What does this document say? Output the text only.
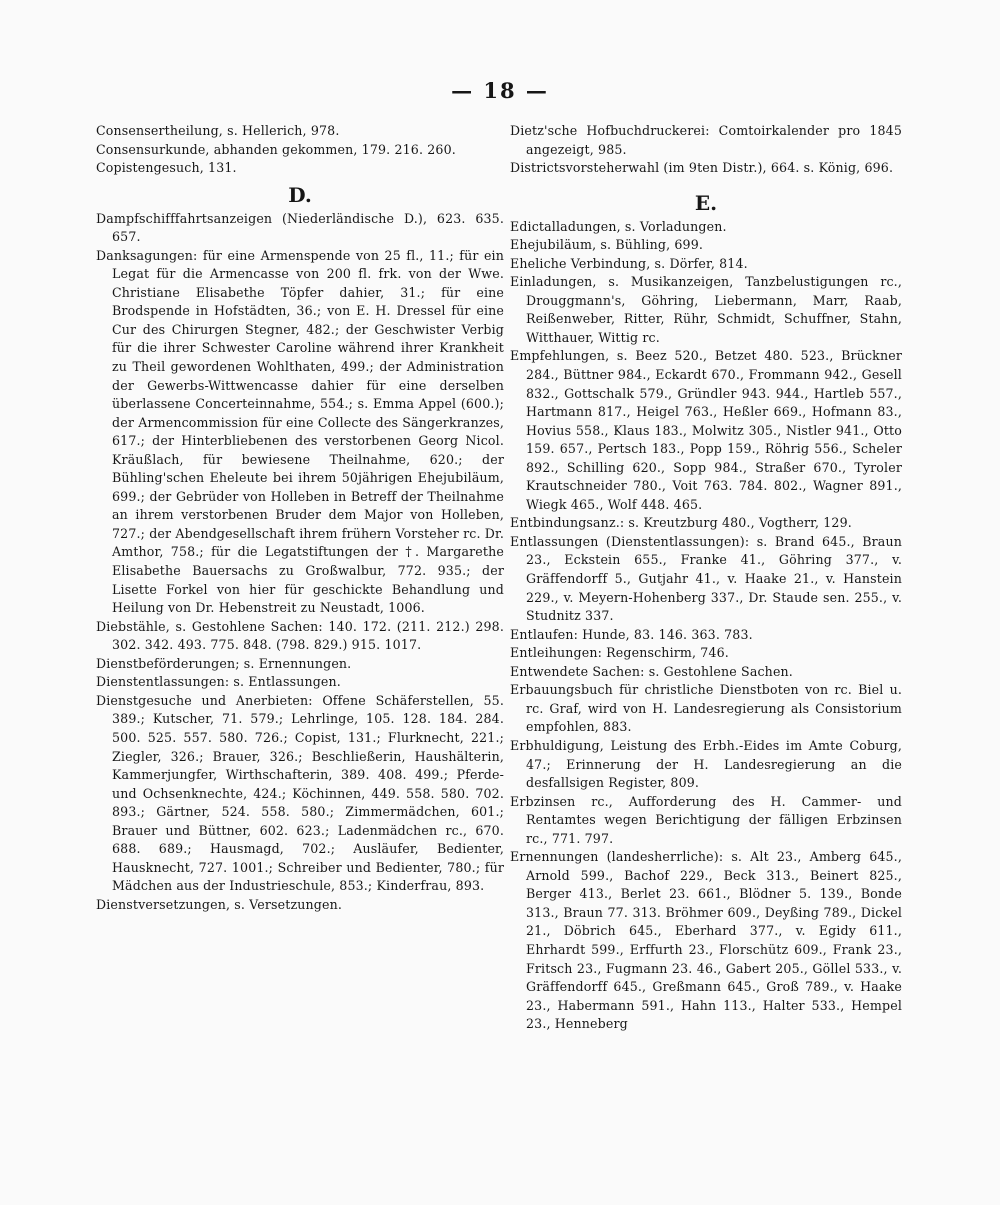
— 18 —
Consensertheilung, s. Hellerich, 978.
Consensurkunde, abhanden gekommen, 179. 216. 260.
Copistengesuch, 131.
D.
Dampfschifffahrtsanzeigen (Niederländische D.), 623. 635. 657.
Danksagungen: für eine Armenspende von 25 fl., 11.; für ein Legat für die Armencasse von 200 fl. frk. von der Wwe. Christiane Elisabethe Töpfer dahier, 31.; für eine Brodspende in Hofstädten, 36.; von E. H. Dressel für eine Cur des Chirurgen Stegner, 482.; der Geschwister Verbig für die ihrer Schwester Caroline während ihrer Krankheit zu Theil gewordenen Wohlthaten, 499.; der Administration der Gewerbs-Wittwencasse dahier für eine derselben überlassene Concerteinnahme, 554.; s. Emma Appel (600.); der Armencommission für eine Collecte des Sängerkranzes, 617.; der Hinterbliebenen des verstorbenen Georg Nicol. Kräußlach, für bewiesene Theilnahme, 620.; der Bühling'schen Eheleute bei ihrem 50jährigen Ehejubiläum, 699.; der Gebrüder von Holleben in Betreff der Theilnahme an ihrem verstorbenen Bruder dem Major von Holleben, 727.; der Abendgesellschaft ihrem frühern Vorsteher rc. Dr. Amthor, 758.; für die Legatstiftungen der †. Margarethe Elisabethe Bauersachs zu Großwalbur, 772. 935.; der Lisette Forkel von hier für geschickte Behandlung und Heilung von Dr. Hebenstreit zu Neustadt, 1006.
Diebstähle, s. Gestohlene Sachen: 140. 172. (211. 212.) 298. 302. 342. 493. 775. 848. (798. 829.) 915. 1017.
Dienstbeförderungen; s. Ernennungen.
Dienstentlassungen: s. Entlassungen.
Dienstgesuche und Anerbieten: Offene Schäferstellen, 55. 389.; Kutscher, 71. 579.; Lehrlinge, 105. 128. 184. 284. 500. 525. 557. 580. 726.; Copist, 131.; Flurknecht, 221.; Ziegler, 326.; Brauer, 326.; Beschließerin, Haushälterin, Kammerjungfer, Wirthschafterin, 389. 408. 499.; Pferde- und Ochsenknechte, 424.; Köchinnen, 449. 558. 580. 702. 893.; Gärtner, 524. 558. 580.; Zimmermädchen, 601.; Brauer und Büttner, 602. 623.; Ladenmädchen rc., 670. 688. 689.; Hausmagd, 702.; Ausläufer, Bedienter, Hausknecht, 727. 1001.; Schreiber und Bedienter, 780.; für Mädchen aus der Industrieschule, 853.; Kinderfrau, 893.
Dienstversetzungen, s. Versetzungen.
Dietz'sche Hofbuchdruckerei: Comtoirkalender pro 1845 angezeigt, 985.
Districtsvorsteherwahl (im 9ten Distr.), 664. s. König, 696.
E.
Edictalladungen, s. Vorladungen.
Ehejubiläum, s. Bühling, 699.
Eheliche Verbindung, s. Dörfer, 814.
Einladungen, s. Musikanzeigen, Tanzbelustigungen rc., Drouggmann's, Göhring, Liebermann, Marr, Raab, Reißenweber, Ritter, Rühr, Schmidt, Schuffner, Stahn, Witthauer, Wittig rc.
Empfehlungen, s. Beez 520., Betzet 480. 523., Brückner 284., Büttner 984., Eckardt 670., Frommann 942., Gesell 832., Gottschalk 579., Gründler 943. 944., Hartleb 557., Hartmann 817., Heigel 763., Heßler 669., Hofmann 83., Hovius 558., Klaus 183., Molwitz 305., Nistler 941., Otto 159. 657., Pertsch 183., Popp 159., Röhrig 556., Scheler 892., Schilling 620., Sopp 984., Straßer 670., Tyroler Krautschneider 780., Voit 763. 784. 802., Wagner 891., Wiegk 465., Wolf 448. 465.
Entbindungsanz.: s. Kreutzburg 480., Vogtherr, 129.
Entlassungen (Dienstentlassungen): s. Brand 645., Braun 23., Eckstein 655., Franke 41., Göhring 377., v. Gräffendorff 5., Gutjahr 41., v. Haake 21., v. Hanstein 229., v. Meyern-Hohenberg 337., Dr. Staude sen. 255., v. Studnitz 337.
Entlaufen: Hunde, 83. 146. 363. 783.
Entleihungen: Regenschirm, 746.
Entwendete Sachen: s. Gestohlene Sachen.
Erbauungsbuch für christliche Dienstboten von rc. Biel u. rc. Graf, wird von H. Landesregierung als Consistorium empfohlen, 883.
Erbhuldigung, Leistung des Erbh.-Eides im Amte Coburg, 47.; Erinnerung der H. Landesregierung an die desfallsigen Register, 809.
Erbzinsen rc., Aufforderung des H. Cammer- und Rentamtes wegen Berichtigung der fälligen Erbzinsen rc., 771. 797.
Ernennungen (landesherrliche): s. Alt 23., Amberg 645., Arnold 599., Bachof 229., Beck 313., Beinert 825., Berger 413., Berlet 23. 661., Blödner 5. 139., Bonde 313., Braun 77. 313. Bröhmer 609., Deyßing 789., Dickel 21., Döbrich 645., Eberhard 377., v. Egidy 611., Ehrhardt 599., Erffurth 23., Florschütz 609., Frank 23., Fritsch 23., Fugmann 23. 46., Gabert 205., Göllel 533., v. Gräffendorff 645., Greßmann 645., Groß 789., v. Haake 23., Habermann 591., Hahn 113., Halter 533., Hempel 23., Henneberg
